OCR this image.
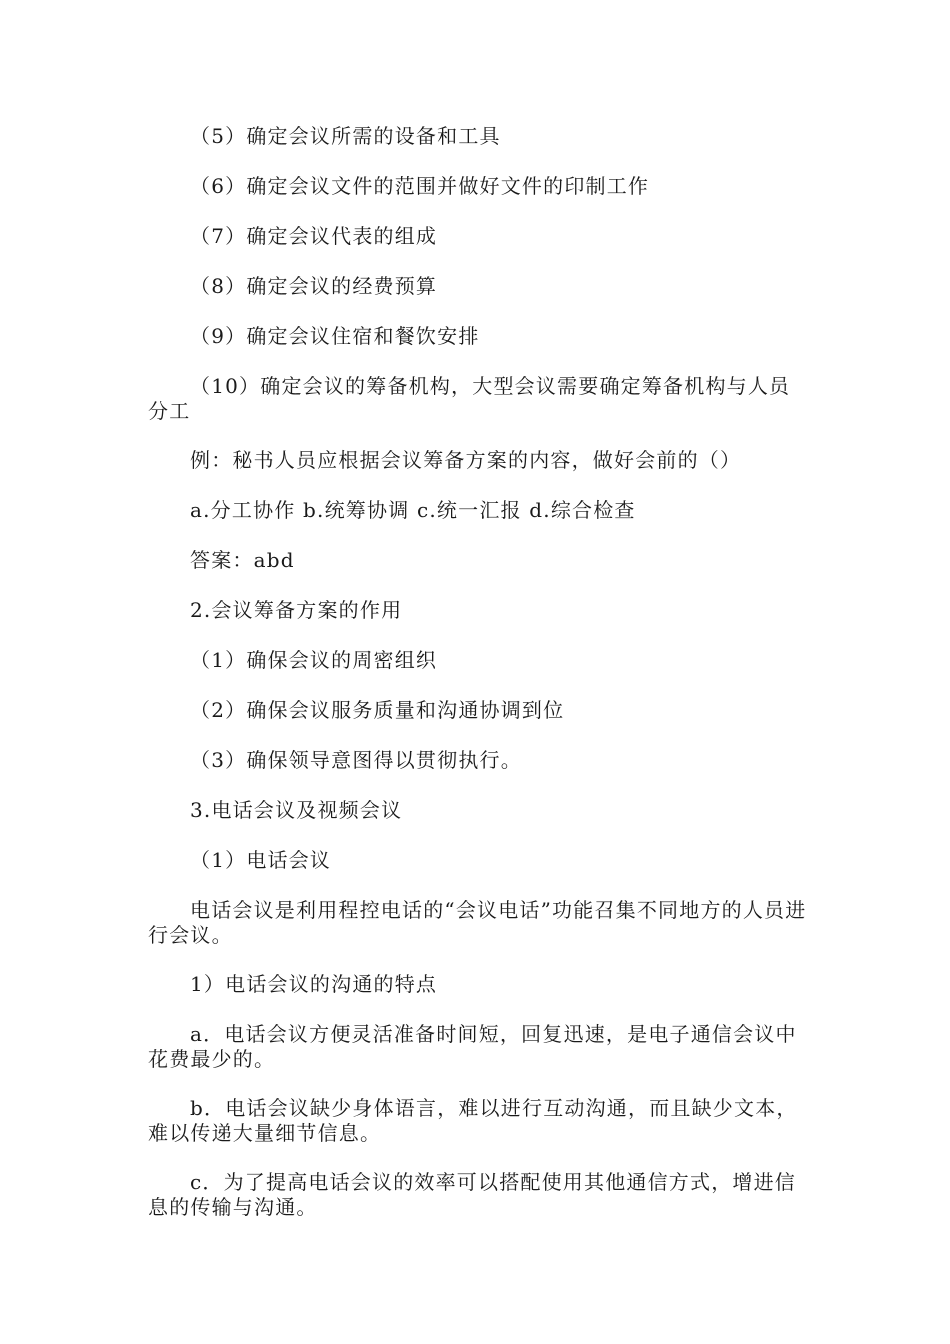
（5）确定会议所需的设备和工具
（6）确定会议文件的范围并做好文件的印制工作
（7）确定会议代表的组成
（8）确定会议的经费预算
（9）确定会议住宿和餐饮安排
（10）确定会议的筹备机构，大型会议需要确定筹备机构与人员分工
例：秘书人员应根据会议筹备方案的内容，做好会前的（）
a.分工协作 b.统筹协调 c.统一汇报 d.综合检查
答案：abd
2.会议筹备方案的作用
（1）确保会议的周密组织
（2）确保会议服务质量和沟通协调到位
（3）确保领导意图得以贯彻执行。
3.电话会议及视频会议
（1）电话会议
电话会议是利用程控电话的“会议电话”功能召集不同地方的人员进行会议。
1）电话会议的沟通的特点
a．电话会议方便灵活准备时间短，回复迅速，是电子通信会议中花费最少的。
b．电话会议缺少身体语言，难以进行互动沟通，而且缺少文本，难以传递大量细节信息。
c．为了提高电话会议的效率可以搭配使用其他通信方式，增进信息的传输与沟通。
